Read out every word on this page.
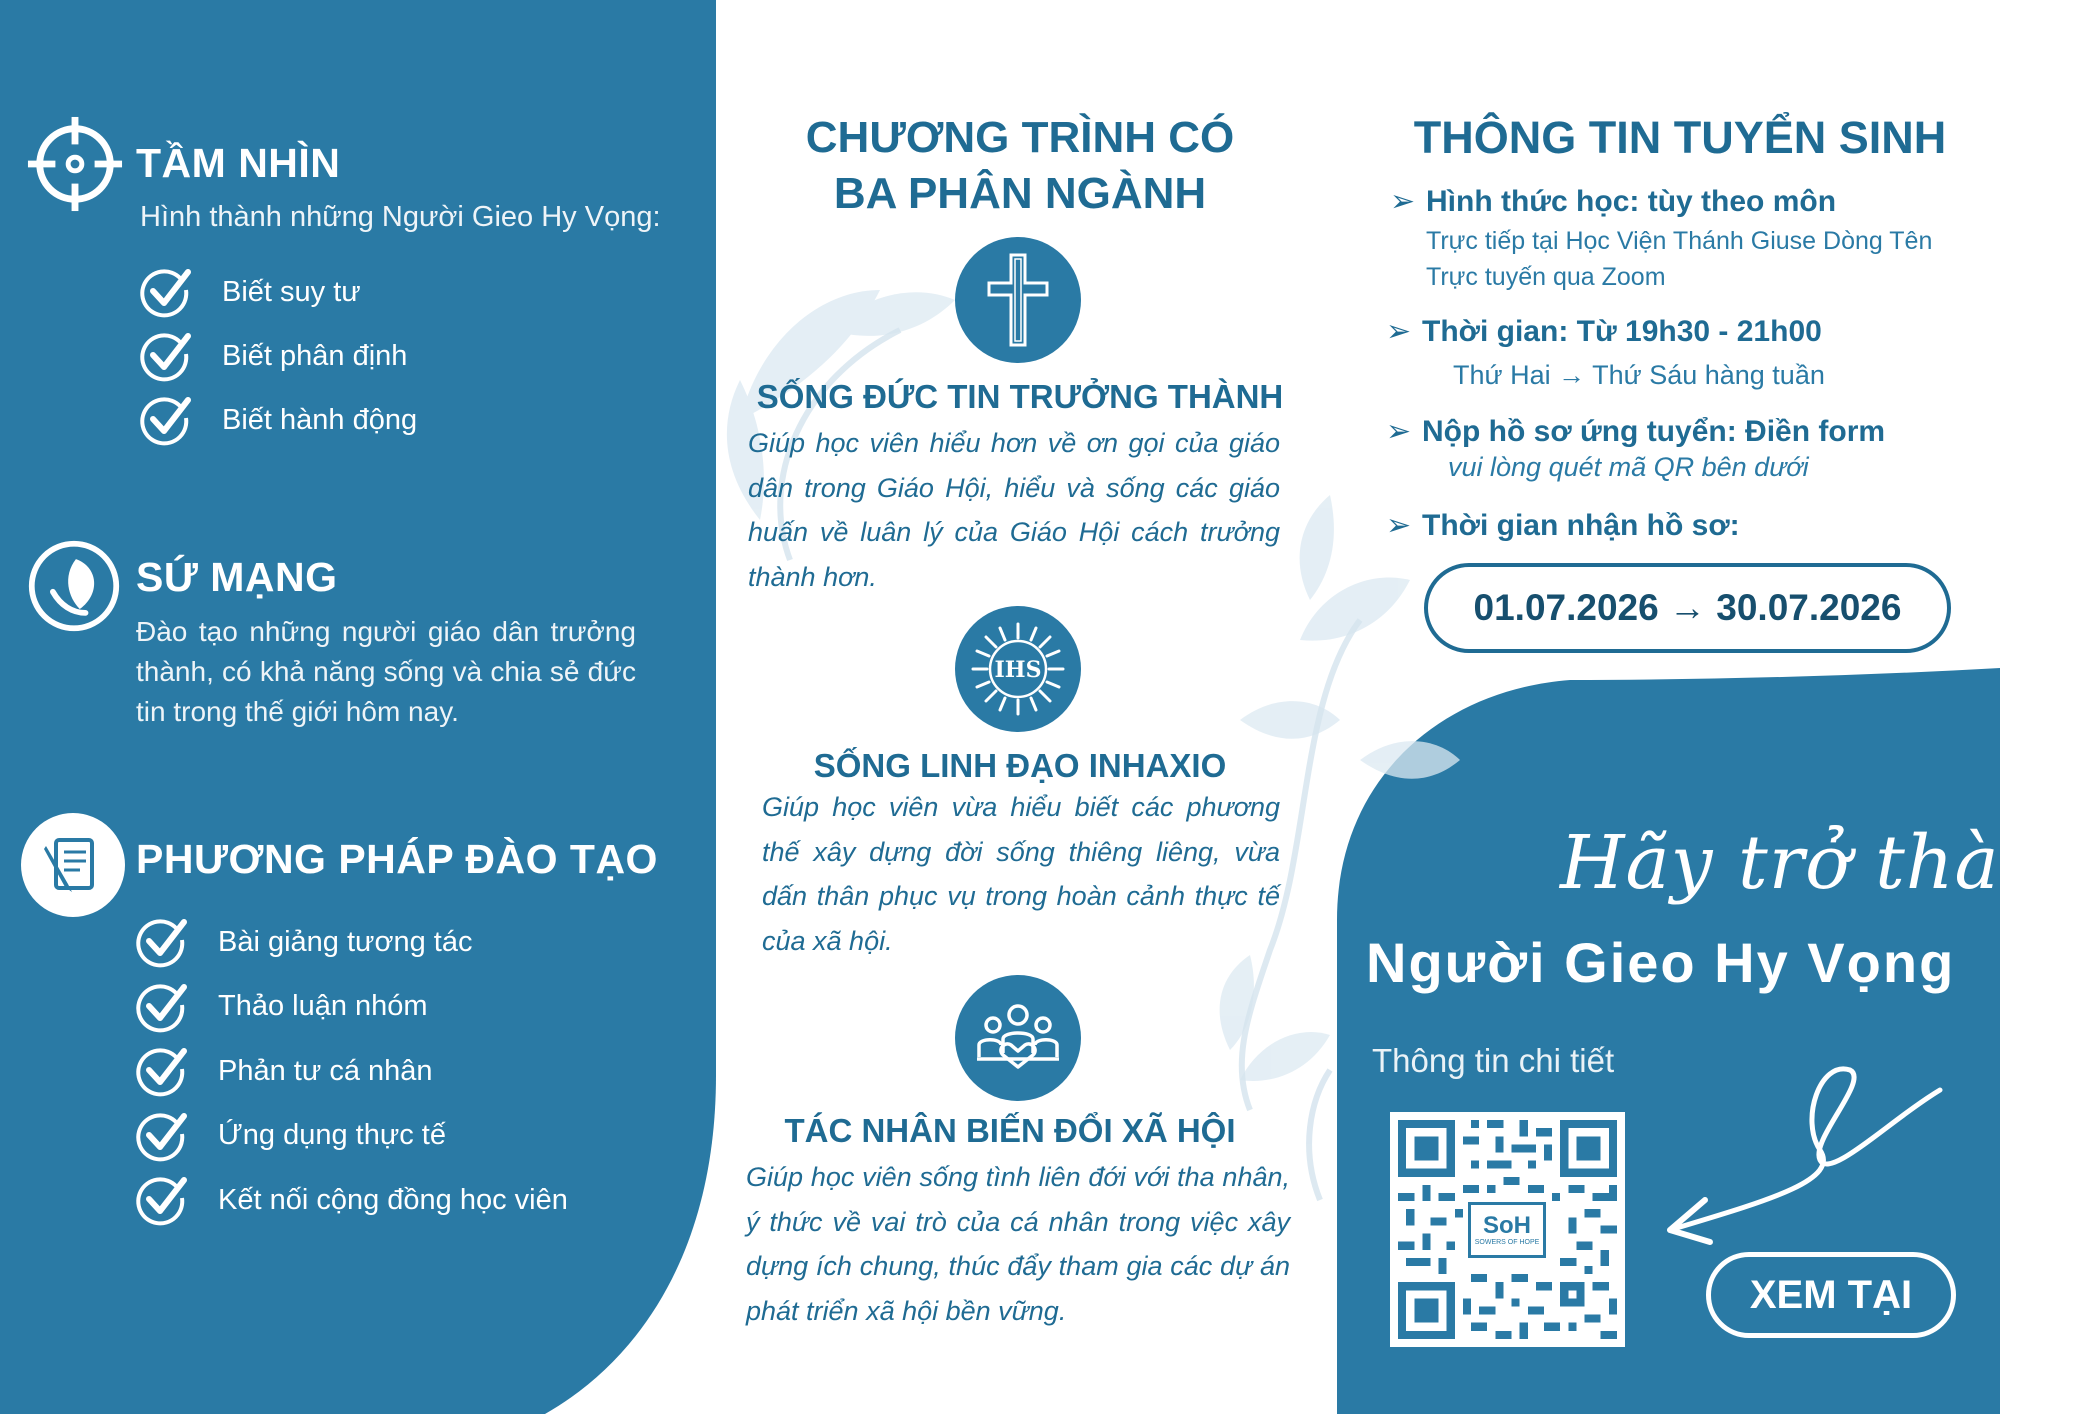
TẦM NHÌN
Hình thành những Người Gieo Hy Vọng:
Biết suy tư
Biết phân định
Biết hành động
SỨ MẠNG

Đào tạo những người giáo dân trưởng thành, có khả năng sống và chia sẻ đức tin trong thế giới hôm nay.

PHƯƠNG PHÁP ĐÀO TẠO
Bài giảng tương tác
Thảo luận nhóm
Phản tư cá nhân
Ứng dụng thực tế
Kết nối cộng đồng học viên
CHƯƠNG TRÌNH CÓ
BA PHÂN NGÀNH
SỐNG ĐỨC TIN TRƯỞNG THÀNH

Giúp học viên hiểu hơn về ơn gọi của giáo dân trong Giáo Hội, hiểu và sống các giáo huấn về luân lý của Giáo Hội cách trưởng thành hơn.

IHS
SỐNG LINH ĐẠO INHAXIO

Giúp học viên vừa hiểu biết các phương thế xây dựng đời sống thiêng liêng, vừa dấn thân phục vụ trong hoàn cảnh thực tế của xã hội.

TÁC NHÂN BIẾN ĐỔI XÃ HỘI

Giúp học viên sống tình liên đới với tha nhân, ý thức về vai trò của cá nhân trong việc xây dựng ích chung, thúc đẩy tham gia các dự án phát triển xã hội bền vững.

THÔNG TIN TUYỂN SINH
➢ Hình thức học: tùy theo môn
Trực tiếp tại Học Viện Thánh Giuse Dòng Tên
Trực tuyến qua Zoom
➢ Thời gian: Từ 19h30 - 21h00
Thứ Hai → Thứ Sáu hàng tuần
➢ Nộp hồ sơ ứng tuyển: Điền form
vui lòng quét mã QR bên dưới
➢ Thời gian nhận hồ sơ:
01.07.2026 → 30.07.2026
Hãy trở thành
Người Gieo Hy Vọng
Thông tin chi tiết
SoH
SOWERS OF HOPE
XEM TẠI
